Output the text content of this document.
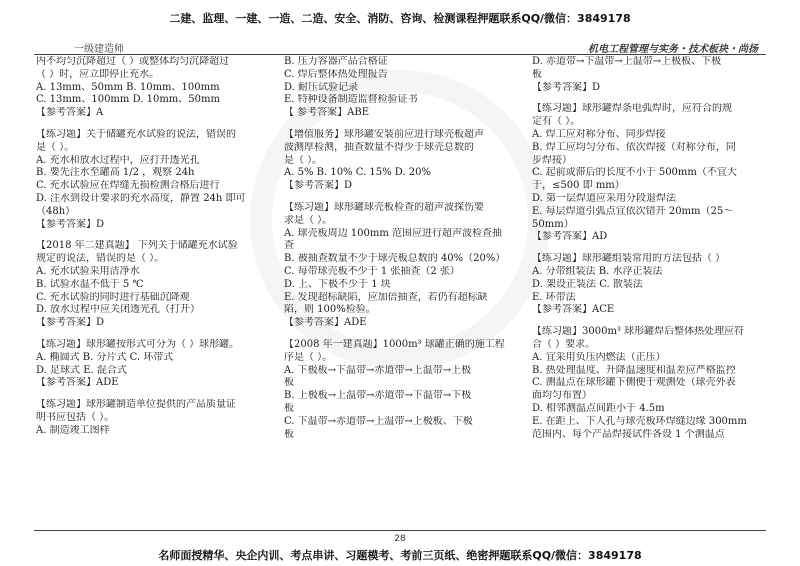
二建、监理、一建、一造、二造、安全、消防、咨询、检测课程押题联系QQ/微信：3849178
一级建造师	机电工程管理与实务・技术板块・尚扬
内不均匀沉降超过（ ）或整体均匀沉降超过
（ ）时，应立即停止充水。
A. 13mm、50mm B. 10mm、100mm
C. 13mm、100mm D. 10mm、50mm
【参考答案】A
【练习题】关于储罐充水试验的说法，错误的
是（ ）。
A. 充水和放水过程中，应打开透光孔
B. 要先注水至罐高 1/2 ，观察 24h
C. 充水试验应在焊缝无损检测合格后进行
D. 注水到设计要求的充水高度，静置 24h 即可
（48h）
【参考答案】D
【2018 年二建真题】 下列关于储罐充水试验
规定的说法，错误的是（ ）。
A. 充水试验采用洁净水
B. 试验水温不低于 5 ℃
C. 充水试验的同时进行基础沉降观
D. 放水过程中应关闭透光孔（打开）
【参考答案】D
【练习题】球形罐按形式可分为（ ）球形罐。
A. 椭圆式 B. 分片式 C. 环带式
D. 足球式 E. 混合式
【参考答案】ADE
【练习题】球形罐制造单位提供的产品质量证
明书应包括（ ）。
A. 制造竣工图样
B. 压力容器产品合格证
C. 焊后整体热处理报告
D. 耐压试验记录
E. 特种设备制造监督检验证书
【 参考答案】ABE
【增值服务】球形罐安装前应进行球壳板超声
波测厚检测，抽查数量不得少于球壳总数的
是（ ）。
A. 5% B. 10% C. 15% D. 20%
【参考答案】D
【练习题】球形罐球壳板检查的超声波探伤要
求是（ ）。
A. 球壳板周边 100mm 范围应进行超声波检查抽
查
B. 被抽查数量不少于球壳板总数的 40%（20%）
C. 每带球壳板不少于 1 张抽查（2 张）
D. 上、下极不少于 1 块
E. 发现超标缺陷，应加倍抽查，若仍有超标缺
陷，则 100%检验。
【参考答案】ADE
【2008 年一建真题】1000m³ 球罐正确的施工程
序是（ ）。
A. 下极板→下温带→赤道带→上温带→上极
板
B. 上极板→上温带→赤道带→下温带→下极
板
C. 下温带→赤道带→上温带→上极板、下极
板
D. 赤道带→下温带→上温带→上极板、下极
板
【参考答案】D
【练习题】球形罐焊条电弧焊时，应符合的规
定有（ ）。
A. 焊工应对称分布、同步焊接
B. 焊工应均匀分布、依次焊接（对称分布，同
步焊接）
C. 起前或滞后的长度不小于 500mm（不宜大
于，≤500 即 mm）
D. 第一层焊道应采用分段退焊法
E. 每层焊道引弧点宜依次错开 20mm（25～
50mm）
【参考答案】AD
【练习题】球形罐组装常用的方法包括（ ）
A. 分带组装法 B. 水浮正装法
D. 架设正装法 C. 散装法
E. 环带法
【参考答案】ACE
【练习题】3000m³ 球形罐焊后整体热处理应符
合（ ）要求。
A. 宜采用负压内燃法（正压）
B. 热处理温度、升降温速度和温差应严格监控
C. 测温点在球形罐下侧便于观测处（球壳外表
面均匀布置）
D. 相邻测温点间距小于 4.5m
E. 在距上、下人孔与球壳板环焊缝边缘 300mm
范围内、每个产品焊接试件各设 1 个测温点
28
名师面授精华、央企内训、考点串讲、习题模考、考前三页纸、绝密押题联系QQ/微信：3849178
